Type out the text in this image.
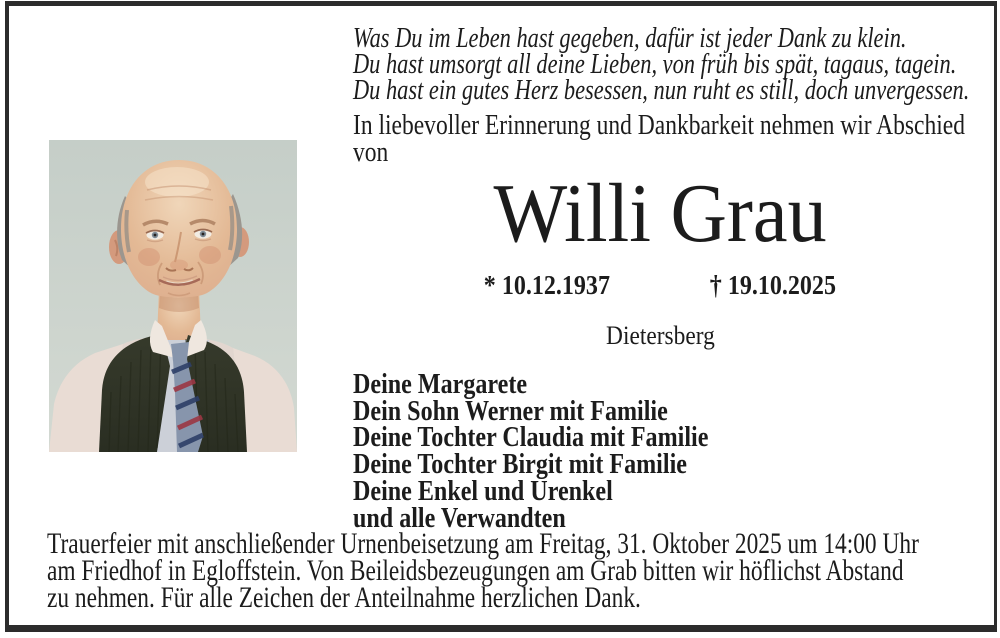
Was Du im Leben hast gegeben, dafür ist jeder Dank zu klein.
Du hast umsorgt all deine Lieben, von früh bis spät, tagaus, tagein.
Du hast ein gutes Herz besessen, nun ruht es still, doch unvergessen.
In liebevoller Erinnerung und Dankbarkeit nehmen wir Abschied
von
Willi Grau
* 10.12.1937	† 19.10.2025
Dietersberg
Deine Margarete
Dein Sohn Werner mit Familie
Deine Tochter Claudia mit Familie
Deine Tochter Birgit mit Familie
Deine Enkel und Urenkel
und alle Verwandten
Trauerfeier mit anschließender Urnenbeisetzung am Freitag, 31. Oktober 2025 um 14:00 Uhr
am Friedhof in Egloffstein. Von Beileidsbezeugungen am Grab bitten wir höflichst Abstand
zu nehmen. Für alle Zeichen der Anteilnahme herzlichen Dank.
